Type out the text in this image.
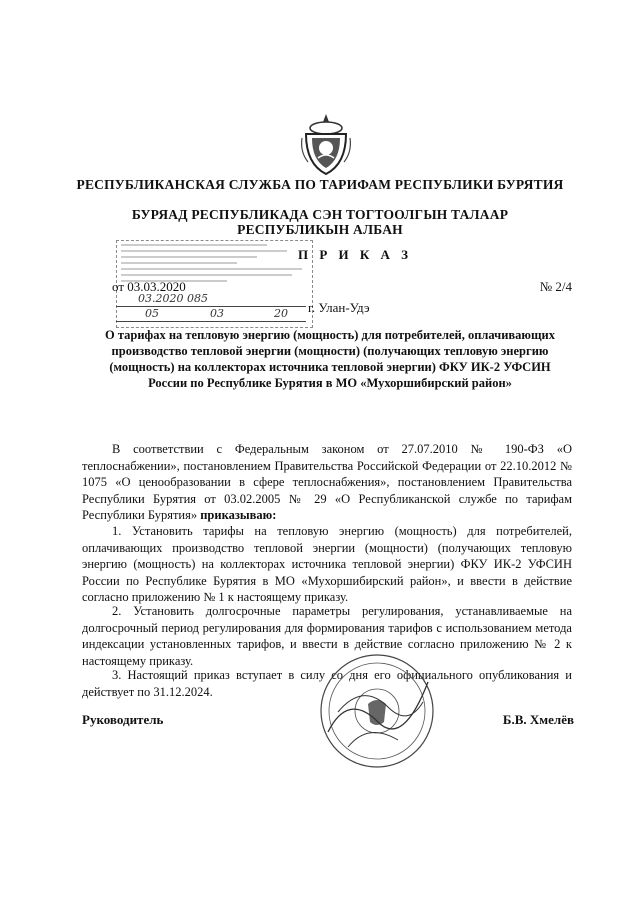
РЕСПУБЛИКАНСКАЯ СЛУЖБА ПО ТАРИФАМ РЕСПУБЛИКИ БУРЯТИЯ
БУРЯАД РЕСПУБЛИКАДА СЭН ТОГТООЛГЫН ТАЛААР
РЕСПУБЛИКЫН АЛБАН
03.2020 085
05	03	20
П Р И К А З
от 03.03.2020	№ 2/4
г. Улан-Удэ
О тарифах на тепловую энергию (мощность) для потребителей, оплачивающих производство тепловой энергии (мощности) (получающих тепловую энергию (мощность) на коллекторах источника тепловой энергии) ФКУ ИК-2 УФСИН России по Республике Бурятия в МО «Мухоршибирский район»

В соответствии с Федеральным законом от 27.07.2010 № 190-ФЗ «О теплоснабжении», постановлением Правительства Российской Федерации от 22.10.2012 № 1075 «О ценообразовании в сфере теплоснабжения», постановлением Правительства Республики Бурятия от 03.02.2005 № 29 «О Республиканской службе по тарифам Республики Бурятия» приказываю:

1. Установить тарифы на тепловую энергию (мощность) для потребителей, оплачивающих производство тепловой энергии (мощности) (получающих тепловую энергию (мощность) на коллекторах источника тепловой энергии) ФКУ ИК-2 УФСИН России по Республике Бурятия в МО «Мухоршибирский район», и ввести в действие согласно приложению № 1 к настоящему приказу.

2. Установить долгосрочные параметры регулирования, устанавливаемые на долгосрочный период регулирования для формирования тарифов с использованием метода индексации установленных тарифов, и ввести в действие согласно приложению № 2 к настоящему приказу.

3. Настоящий приказ вступает в силу со дня его официального опубликования и действует по 31.12.2024.

Руководитель	Б.В. Хмелёв
